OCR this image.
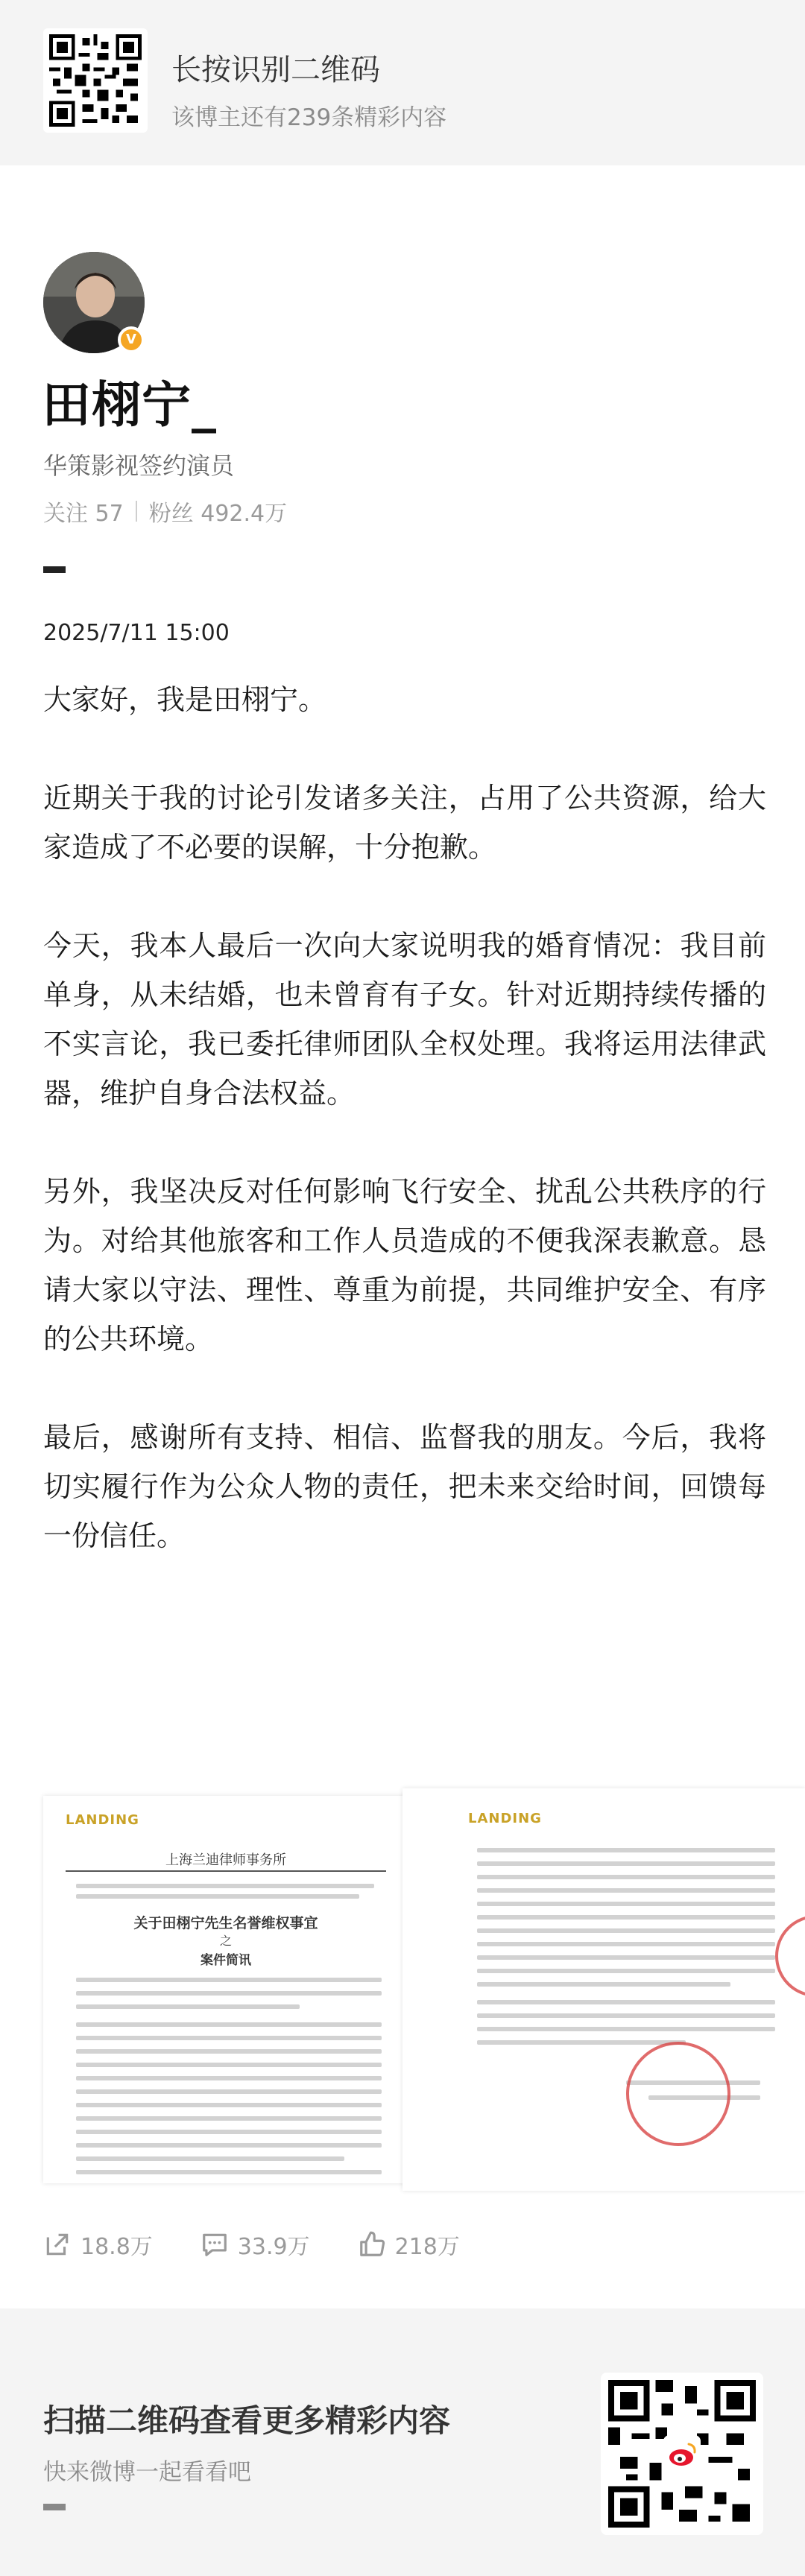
长按识别二维码
该博主还有239条精彩内容
V
田栩宁_
华策影视签约演员
关注 57 粉丝 492.4万
2025/7/11 15:00

大家好，我是田栩宁。

近期关于我的讨论引发诸多关注，占用了公共资源，给大家造成了不必要的误解，十分抱歉。

今天，我本人最后一次向大家说明我的婚育情况：我目前单身，从未结婚，也未曾育有子女。针对近期持续传播的不实言论，我已委托律师团队全权处理。我将运用法律武器，维护自身合法权益。

另外，我坚决反对任何影响飞行安全、扰乱公共秩序的行为。对给其他旅客和工作人员造成的不便我深表歉意。恳请大家以守法、理性、尊重为前提，共同维护安全、有序的公共环境。

最后，感谢所有支持、相信、监督我的朋友。今后，我将切实履行作为公众人物的责任，把未来交给时间，回馈每一份信任。

LANDING
上海兰迪律师事务所
关于田栩宁先生名誉维权事宜
之
案件简讯
LANDING
18.8万	33.9万	218万
扫描二维码查看更多精彩内容
快来微博一起看看吧
